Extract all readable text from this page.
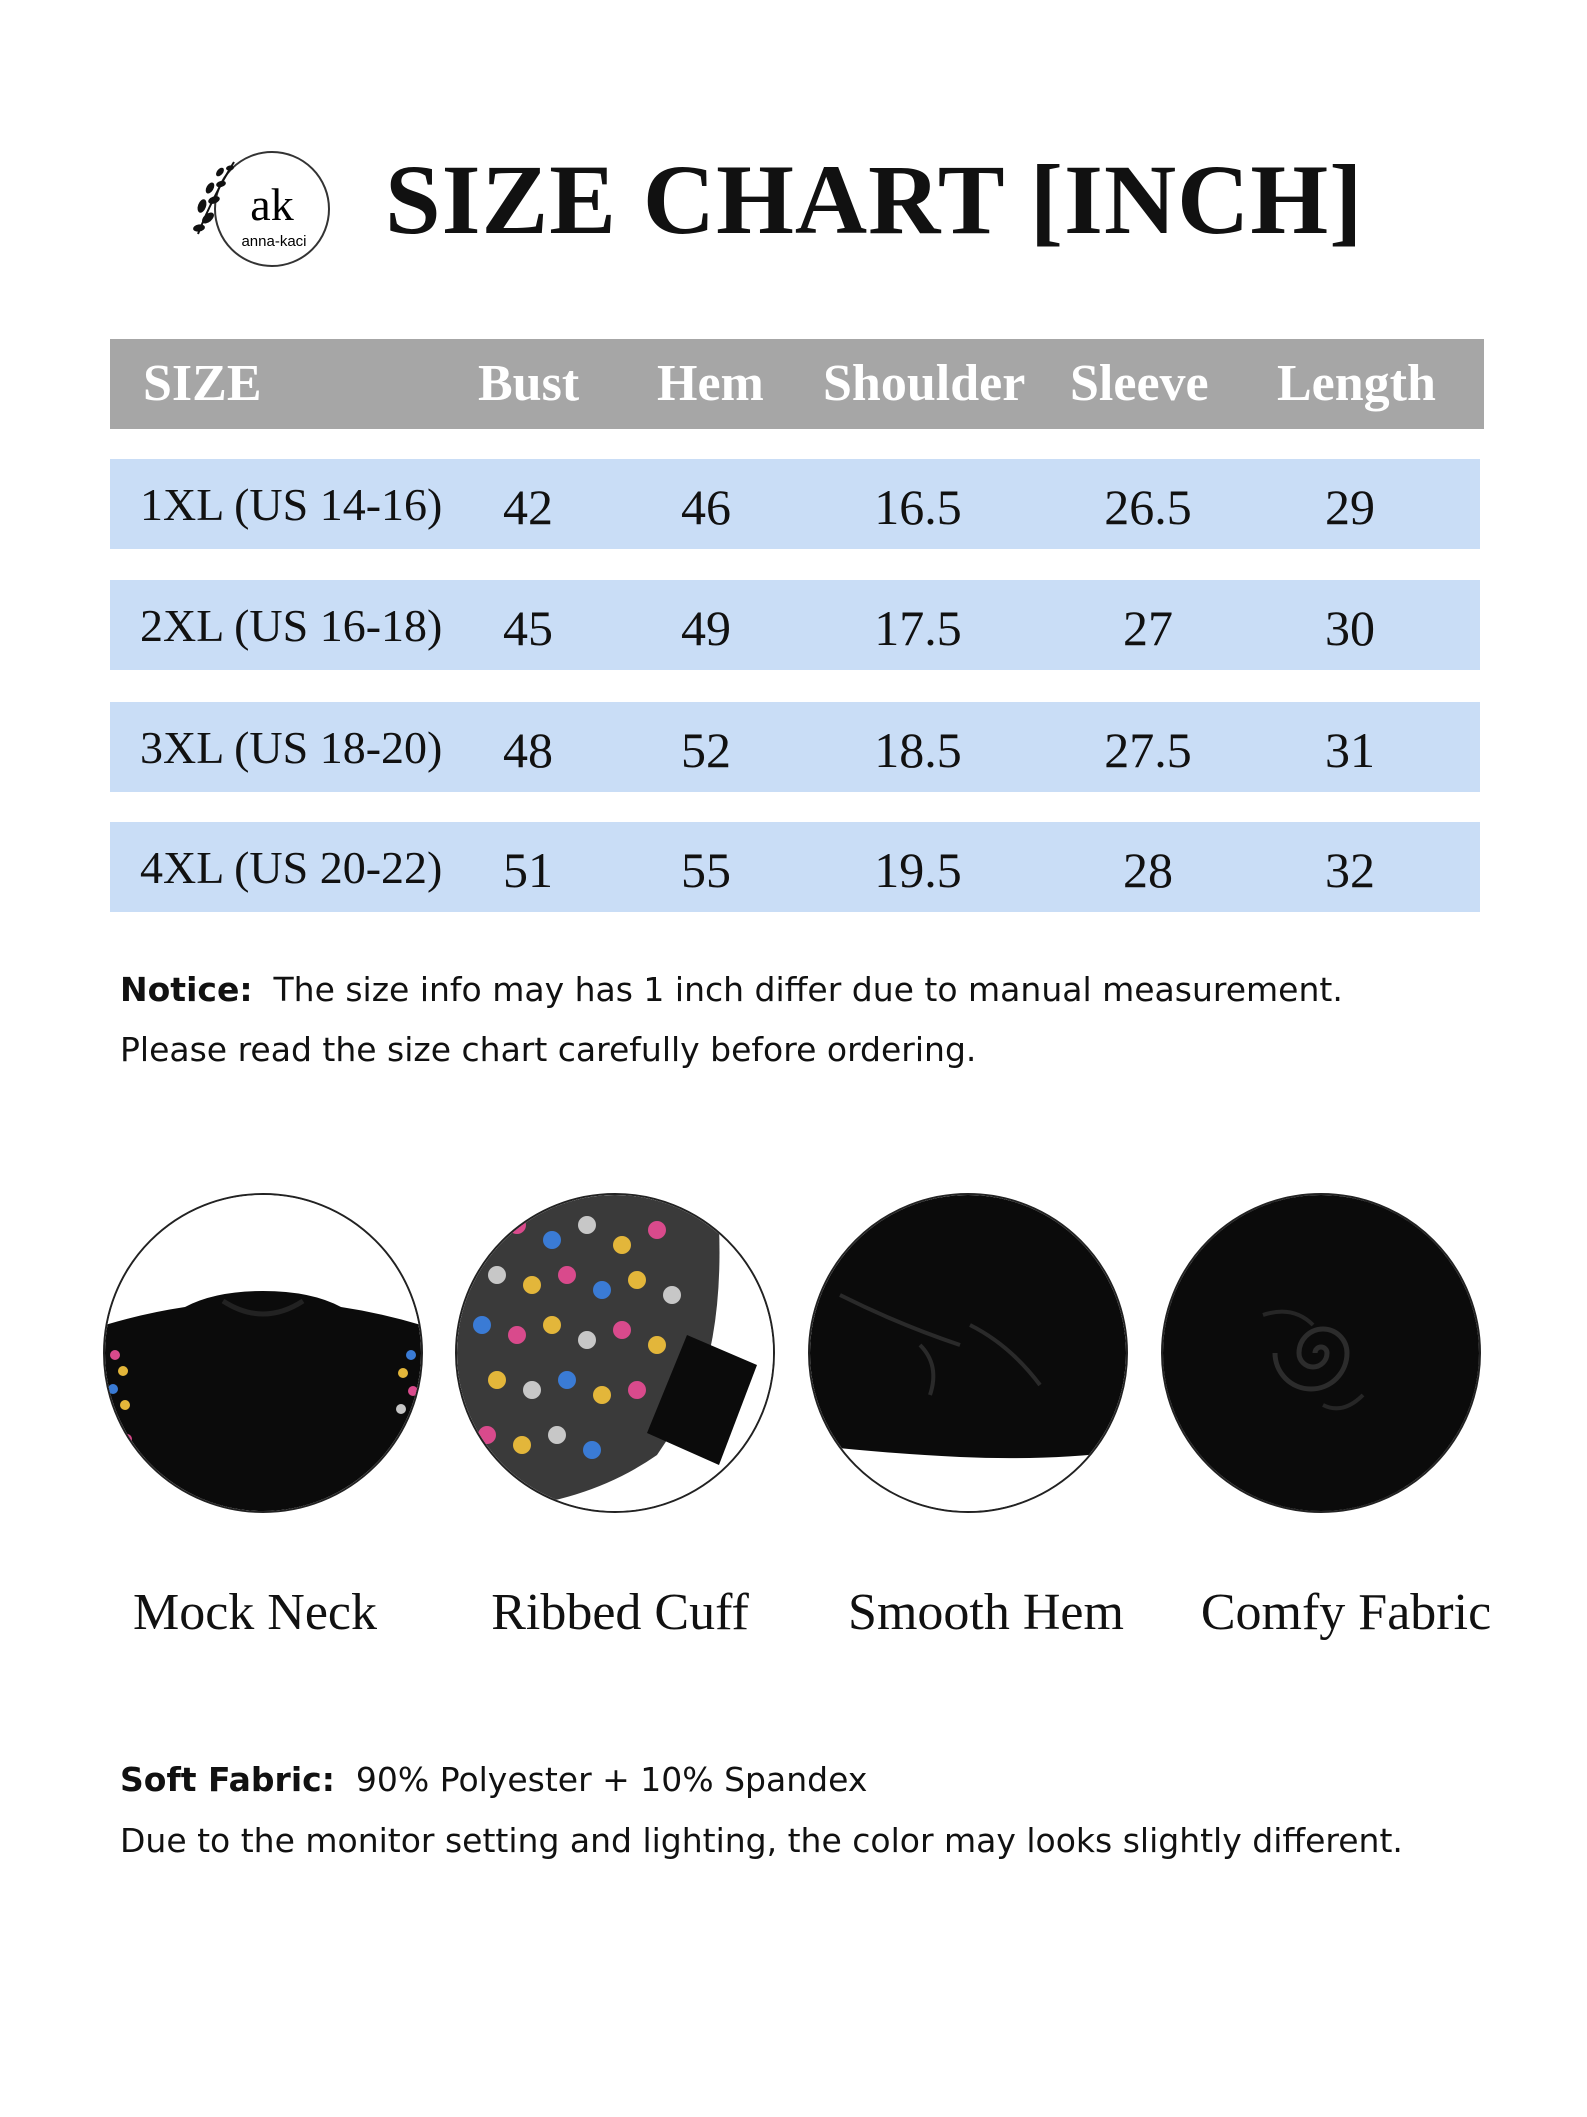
ak
anna-kaci SIZE CHART [INCH]
SIZE	Bust Hem Shoulder Sleeve Length
1XL (US 14-16) 42	46	16.5	26.5	29
2XL (US 16-18) 45	49	17.5	27	30
3XL (US 18-20) 48	52	18.5	27.5	31
4XL (US 20-22) 51	55	19.5	28	32
Notice: The size info may has 1 inch differ due to manual measurement.
Please read the size chart carefully before ordering.
Mock Neck Ribbed Cuff Smooth Hem Comfy Fabric
Soft Fabric: 90% Polyester + 10% Spandex
Due to the monitor setting and lighting, the color may looks slightly different.
